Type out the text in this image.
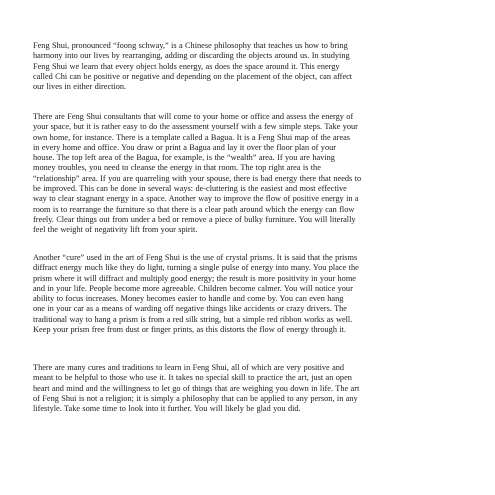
Feng Shui, pronounced “foong schway,” is a Chinese philosophy that teaches us how to bring
harmony into our lives by rearranging, adding or discarding the objects around us. In studying
Feng Shui we learn that every object holds energy, as does the space around it. This energy
called Chi can be positive or negative and depending on the placement of the object, can affect
our lives in either direction.
There are Feng Shui consultants that will come to your home or office and assess the energy of
your space, but it is rather easy to do the assessment yourself with a few simple steps. Take your
own home, for instance. There is a template called a Bagua. It is a Feng Shui map of the areas
in every home and office. You draw or print a Bagua and lay it over the floor plan of your
house. The top left area of the Bagua, for example, is the “wealth” area. If you are having
money troubles, you need to cleanse the energy in that room. The top right area is the
“relationship” area. If you are quarreling with your spouse, there is bad energy there that needs to
be improved. This can be done in several ways: de-cluttering is the easiest and most effective
way to clear stagnant energy in a space. Another way to improve the flow of positive energy in a
room is to rearrange the furniture so that there is a clear path around which the energy can flow
freely. Clear things out from under a bed or remove a piece of bulky furniture. You will literally
feel the weight of negativity lift from your spirit.
Another “cure” used in the art of Feng Shui is the use of crystal prisms. It is said that the prisms
diffract energy much like they do light, turning a single pulse of energy into many. You place the
prism where it will diffract and multiply good energy; the result is more positivity in your home
and in your life. People become more agreeable. Children become calmer. You will notice your
ability to focus increases. Money becomes easier to handle and come by. You can even hang
one in your car as a means of warding off negative things like accidents or crazy drivers. The
traditional way to hang a prism is from a red silk string, but a simple red ribbon works as well.
Keep your prism free from dust or finger prints, as this distorts the flow of energy through it.
There are many cures and traditions to learn in Feng Shui, all of which are very positive and
meant to be helpful to those who use it. It takes no special skill to practice the art, just an open
heart and mind and the willingness to let go of things that are weighing you down in life. The art
of Feng Shui is not a religion; it is simply a philosophy that can be applied to any person, in any
lifestyle. Take some time to look into it further. You will likely be glad you did.
